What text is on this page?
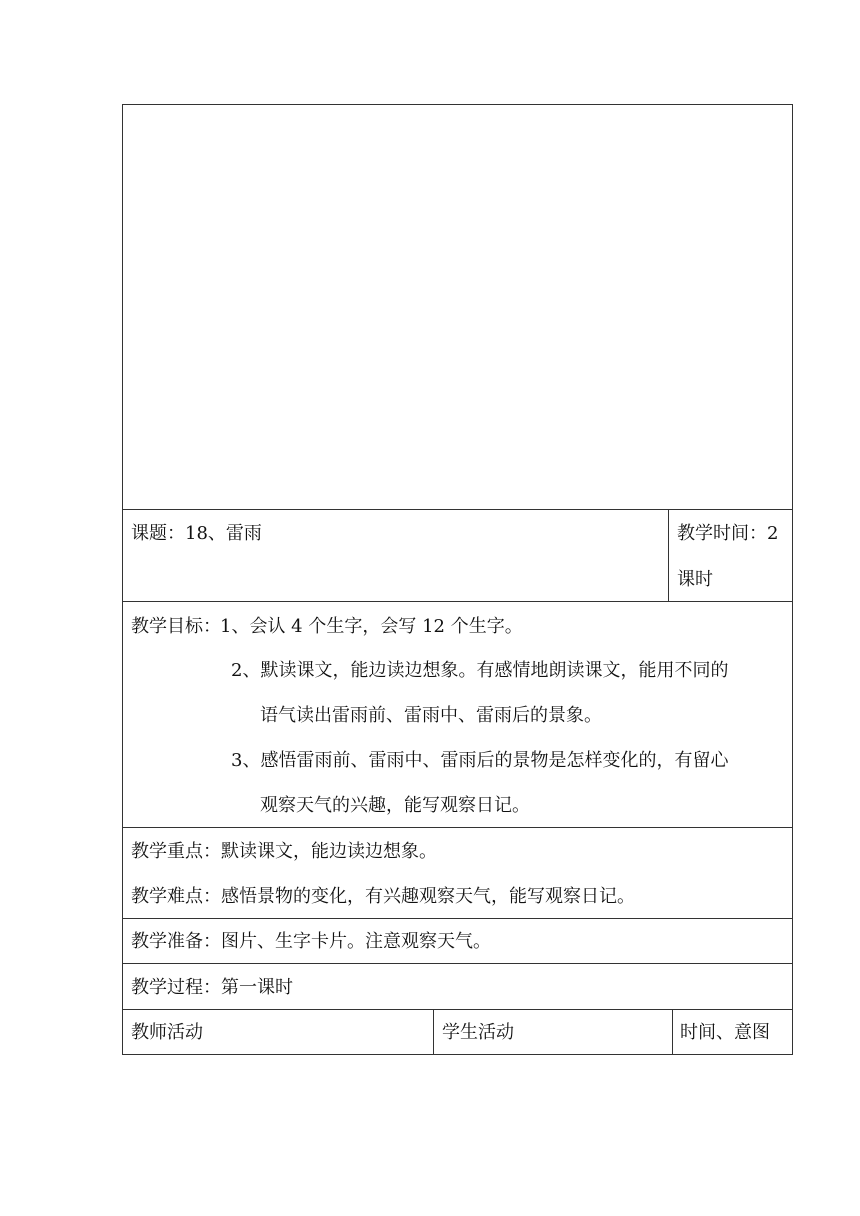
课题：18、雷雨	教学时间：2
课时
教学目标： 1、会认 4 个生字，会写 12 个生字。
2、默读课文，能边读边想象。有感情地朗读课文，能用不同的
语气读出雷雨前、雷雨中、雷雨后的景象。
3、感悟雷雨前、雷雨中、雷雨后的景物是怎样变化的，有留心
观察天气的兴趣，能写观察日记。
教学重点：默读课文，能边读边想象。
教学难点：感悟景物的变化，有兴趣观察天气，能写观察日记。
教学准备：图片、生字卡片。注意观察天气。
教学过程：第一课时
教师活动	学生活动	时间、意图
